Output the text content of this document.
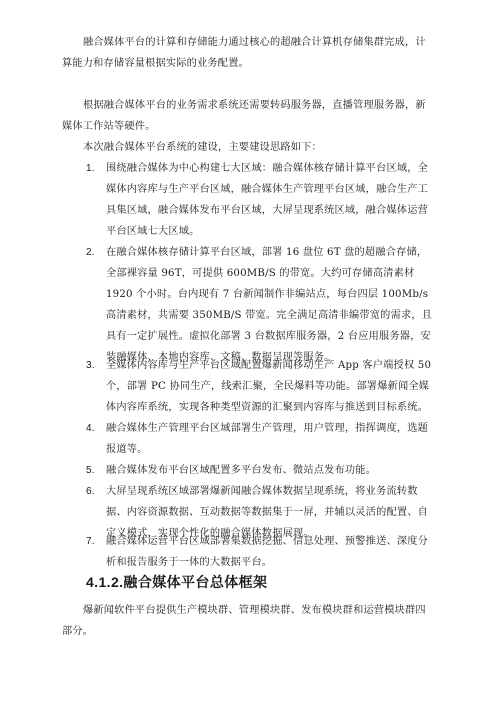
融合媒体平台的计算和存储能力通过核心的超融合计算机存储集群完成，计算能力和存储容量根据实际的业务配置。

根据融合媒体平台的业务需求系统还需要转码服务器，直播管理服务器，新媒体工作站等硬件。

本次融合媒体平台系统的建设，主要建设思路如下：

1.	围绕融合媒体为中心构建七大区域：融合媒体核存储计算平台区域，全媒体内容库与生产平台区域，融合媒体生产管理平台区域，融合生产工具集区域，融合媒体发布平台区域，大屏呈现系统区域，融合媒体运营平台区域七大区域。
2.	在融合媒体核存储计算平台区域，部署 16 盘位 6T 盘的超融合存储，全部裸容量 96T，可提供 600MB/S 的带宽。大约可存储高清素材 1920 个小时。台内现有 7 台新闻制作非编站点，每台四层 100Mb/s 高清素材，共需要 350MB/S 带宽。完全满足高清非编带宽的需求，且具有一定扩展性。虚拟化部署 3 台数据库服务器，2 台应用服务器，安装融媒体、本地内容库、文稿、数据呈现等服务。
3.	全媒体内容库与生产平台区域配置爆新闻移动生产 App 客户端授权 50 个，部署 PC 协同生产，线索汇聚，全民爆料等功能。部署爆新闻全媒体内容库系统，实现各种类型资源的汇聚到内容库与推送到目标系统。
4.	融合媒体生产管理平台区域部署生产管理，用户管理，指挥调度，选题报道等。
5.	融合媒体发布平台区域配置多平台发布、微站点发布功能。
6.	大屏呈现系统区域部署爆新闻融合媒体数据呈现系统，将业务流转数据、内容资源数据、互动数据等数据集于一屏，并辅以灵活的配置、自定义模式，实现个性化的融合媒体数据展现。
7.	融合媒体运营平台区域部署集数据挖掘、信息处理、预警推送、深度分析和报告服务于一体的大数据平台。
4.1.2.融合媒体平台总体框架

爆新闻软件平台提供生产模块群、管理模块群、发布模块群和运营模块群四部分。
